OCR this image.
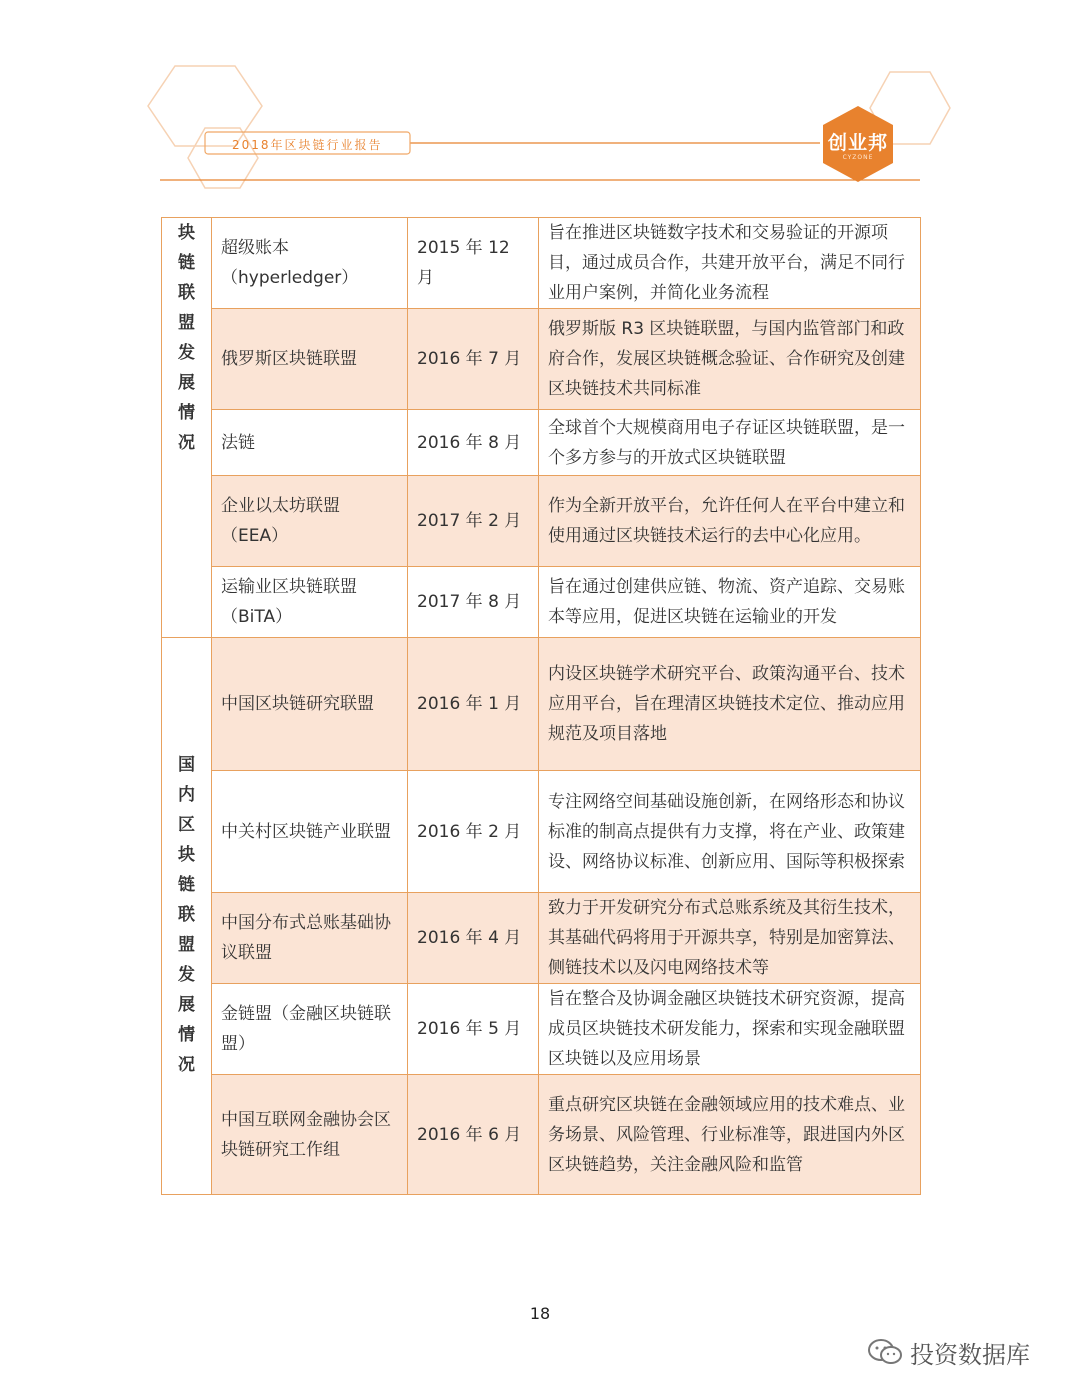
2018年区块链行业报告	创业邦
CYZONE
块链联盟发展情况	超级账本（hyperledger）	2015 年 12 月	旨在推进区块链数字技术和交易验证的开源项目，通过成员合作，共建开放平台，满足不同行业用户案例，并简化业务流程
	俄罗斯区块链联盟	2016 年 7 月	俄罗斯版 R3 区块链联盟，与国内监管部门和政府合作，发展区块链概念验证、合作研究及创建区块链技术共同标准
	法链	2016 年 8 月	全球首个大规模商用电子存证区块链联盟，是一个多方参与的开放式区块链联盟
	企业以太坊联盟（EEA）	2017 年 2 月	作为全新开放平台，允许任何人在平台中建立和使用通过区块链技术运行的去中心化应用。
	运输业区块链联盟（BiTA）	2017 年 8 月	旨在通过创建供应链、物流、资产追踪、交易账本等应用，促进区块链在运输业的开发

国内区块链联盟发展情况	中国区块链研究联盟	2016 年 1 月	内设区块链学术研究平台、政策沟通平台、技术应用平台，旨在理清区块链技术定位、推动应用规范及项目落地
	中关村区块链产业联盟	2016 年 2 月	专注网络空间基础设施创新，在网络形态和协议标准的制高点提供有力支撑，将在产业、政策建设、网络协议标准、创新应用、国际等积极探索
	中国分布式总账基础协议联盟	2016 年 4 月	致力于开发研究分布式总账系统及其衍生技术，其基础代码将用于开源共享，特别是加密算法、侧链技术以及闪电网络技术等
	金链盟（金融区块链联盟）	2016 年 5 月	旨在整合及协调金融区块链技术研究资源，提高成员区块链技术研发能力，探索和实现金融联盟区块链以及应用场景
	中国互联网金融协会区块链研究工作组	2016 年 6 月	重点研究区块链在金融领域应用的技术难点、业务场景、风险管理、行业标准等，跟进国内外区区块链趋势，关注金融风险和监管
18
投资数据库
